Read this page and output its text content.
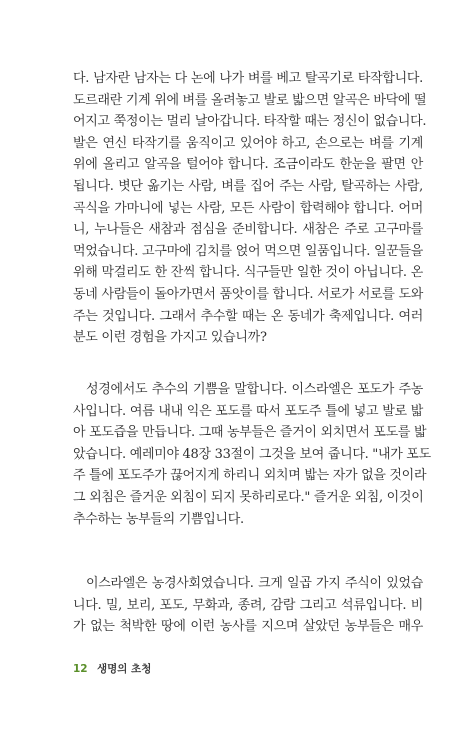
다. 남자란 남자는 다 논에 나가 벼를 베고 탈곡기로 타작합니다.
도르래란 기계 위에 벼를 올려놓고 발로 밟으면 알곡은 바닥에 떨
어지고 쭉정이는 멀리 날아갑니다. 타작할 때는 정신이 없습니다.
발은 연신 타작기를 움직이고 있어야 하고, 손으로는 벼를 기계
위에 올리고 알곡을 털어야 합니다. 조금이라도 한눈을 팔면 안
됩니다. 볏단 옮기는 사람, 벼를 집어 주는 사람, 탈곡하는 사람,
곡식을 가마니에 넣는 사람, 모든 사람이 합력해야 합니다. 어머
니, 누나들은 새참과 점심을 준비합니다. 새참은 주로 고구마를
먹었습니다. 고구마에 김치를 얹어 먹으면 일품입니다. 일꾼들을
위해 막걸리도 한 잔씩 합니다. 식구들만 일한 것이 아닙니다. 온
동네 사람들이 돌아가면서 품앗이를 합니다. 서로가 서로를 도와
주는 것입니다. 그래서 추수할 때는 온 동네가 축제입니다. 여러
분도 이런 경험을 가지고 있습니까?
성경에서도 추수의 기쁨을 말합니다. 이스라엘은 포도가 주농
사입니다. 여름 내내 익은 포도를 따서 포도주 틀에 넣고 발로 밟
아 포도즙을 만듭니다. 그때 농부들은 즐거이 외치면서 포도를 밟
았습니다. 예레미야 48장 33절이 그것을 보여 줍니다. "내가 포도
주 틀에 포도주가 끊어지게 하리니 외치며 밟는 자가 없을 것이라
그 외침은 즐거운 외침이 되지 못하리로다." 즐거운 외침, 이것이
추수하는 농부들의 기쁨입니다.
이스라엘은 농경사회였습니다. 크게 일곱 가지 주식이 있었습
니다. 밀, 보리, 포도, 무화과, 종려, 감람 그리고 석류입니다. 비
가 없는 척박한 땅에 이런 농사를 지으며 살았던 농부들은 매우
12 생명의 초청
